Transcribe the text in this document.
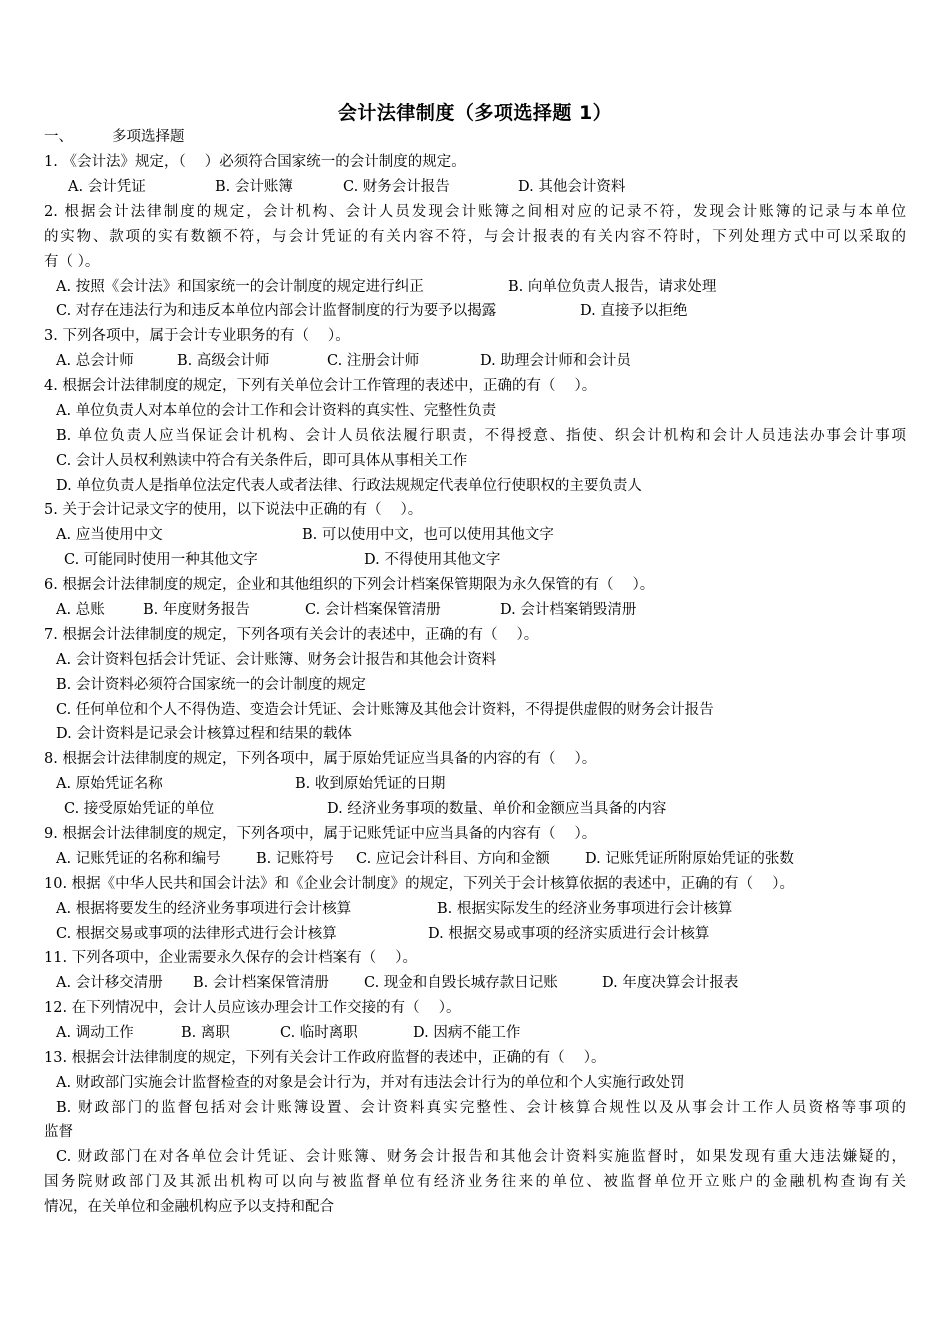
会计法律制度（多项选择题 1）
一、	多项选择题
1. 《会计法》规定，（　 ）必须符合国家统一的会计制度的规定。
A. 会计凭证	B. 会计账簿	C. 财务会计报告	D. 其他会计资料
2. 根据会计法律制度的规定，会计机构、会计人员发现会计账簿之间相对应的记录不符，发现会计账簿的记录与本单位
的实物、款项的实有数额不符，与会计凭证的有关内容不符，与会计报表的有关内容不符时，下列处理方式中可以采取的
有（ ）。
A. 按照《会计法》和国家统一的会计制度的规定进行纠正	B. 向单位负责人报告，请求处理
C. 对存在违法行为和违反本单位内部会计监督制度的行为要予以揭露	D. 直接予以拒绝
3. 下列各项中，属于会计专业职务的有（　 ）。
A. 总会计师	B. 高级会计师	C. 注册会计师	D. 助理会计师和会计员
4. 根据会计法律制度的规定，下列有关单位会计工作管理的表述中，正确的有（　 ）。
A. 单位负责人对本单位的会计工作和会计资料的真实性、完整性负责
B. 单位负责人应当保证会计机构、会计人员依法履行职责，不得授意、指使、织会计机构和会计人员违法办事会计事项
C. 会计人员权利熟读中符合有关条件后，即可具体从事相关工作
D. 单位负责人是指单位法定代表人或者法律、行政法规规定代表单位行使职权的主要负责人
5. 关于会计记录文字的使用，以下说法中正确的有（　 ）。
A. 应当使用中文	B. 可以使用中文，也可以使用其他文字
C. 可能同时使用一种其他文字	D. 不得使用其他文字
6. 根据会计法律制度的规定，企业和其他组织的下列会计档案保管期限为永久保管的有（　 ）。
A. 总账	B. 年度财务报告	C. 会计档案保管清册	D. 会计档案销毁清册
7. 根据会计法律制度的规定，下列各项有关会计的表述中，正确的有（　 ）。
A. 会计资料包括会计凭证、会计账簿、财务会计报告和其他会计资料
B. 会计资料必须符合国家统一的会计制度的规定
C. 任何单位和个人不得伪造、变造会计凭证、会计账簿及其他会计资料，不得提供虚假的财务会计报告
D. 会计资料是记录会计核算过程和结果的载体
8. 根据会计法律制度的规定，下列各项中，属于原始凭证应当具备的内容的有（　 ）。
A. 原始凭证名称	B. 收到原始凭证的日期
C. 接受原始凭证的单位	D. 经济业务事项的数量、单价和金额应当具备的内容
9. 根据会计法律制度的规定，下列各项中，属于记账凭证中应当具备的内容有（　 ）。
A. 记账凭证的名称和编号 B. 记账符号 C. 应记会计科目、方向和金额 D. 记账凭证所附原始凭证的张数
10. 根据《中华人民共和国会计法》和《企业会计制度》的规定，下列关于会计核算依据的表述中，正确的有（　 ）。
A. 根据将要发生的经济业务事项进行会计核算	B. 根据实际发生的经济业务事项进行会计核算
C. 根据交易或事项的法律形式进行会计核算	D. 根据交易或事项的经济实质进行会计核算
11. 下列各项中，企业需要永久保存的会计档案有（　 ）。
A. 会计移交清册 B. 会计档案保管清册 C. 现金和自毁长城存款日记账	D. 年度决算会计报表
12. 在下列情况中，会计人员应该办理会计工作交接的有（　 ）。
A. 调动工作	B. 离职	C. 临时离职	D. 因病不能工作
13. 根据会计法律制度的规定，下列有关会计工作政府监督的表述中，正确的有（　 ）。
A. 财政部门实施会计监督检查的对象是会计行为，并对有违法会计行为的单位和个人实施行政处罚
B. 财政部门的监督包括对会计账簿设置、会计资料真实完整性、会计核算合规性以及从事会计工作人员资格等事项的
监督
C. 财政部门在对各单位会计凭证、会计账簿、财务会计报告和其他会计资料实施监督时，如果发现有重大违法嫌疑的，
国务院财政部门及其派出机构可以向与被监督单位有经济业务往来的单位、被监督单位开立账户的金融机构查询有关
情况，在关单位和金融机构应予以支持和配合
